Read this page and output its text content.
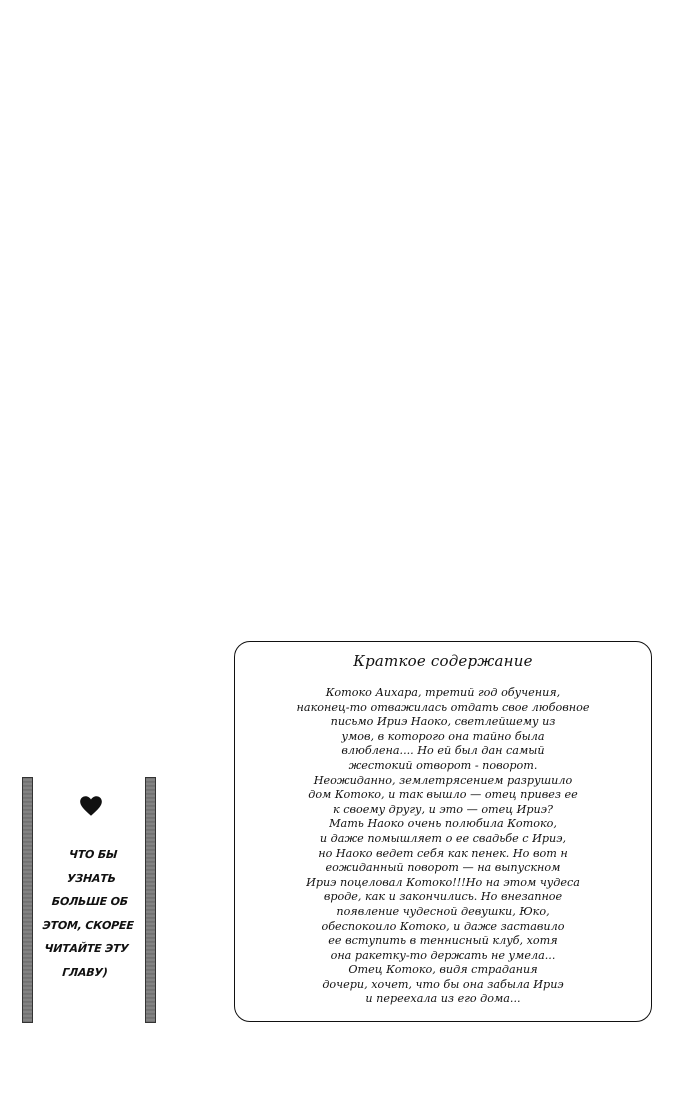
ЧТО БЫ
УЗНАТЬ
БОЛЬШЕ ОБ
ЭТОМ, СКОРЕЕ
ЧИТАЙТЕ ЭТУ
ГЛАВУ)
Краткое содержание
Котоко Аихара, третий год обучения,
наконец-то отважилась отдать свое любовное
письмо Ириэ Наоко, светлейшему из
умов, в которого она тайно была
влюблена.... Но ей был дан самый
жестокий отворот - поворот.
Неожиданно, землетрясением разрушило
дом Котоко, и так вышло — отец привез ее
к своему другу, и это — отец Ириэ?
Мать Наоко очень полюбила Котоко,
и даже помышляет о ее свадьбе с Ириэ,
но Наоко ведет себя как пенек. Но вот н
еожиданный поворот — на выпускном
Ириэ поцеловал Котоко!!!Но на этом чудеса
вроде, как и закончились. Но внезапное
появление чудесной девушки, Юко,
обеспокоило Котоко, и даже заставило
ее вступить в теннисный клуб, хотя
она ракетку-то держать не умела...
Отец Котоко, видя страдания
дочери, хочет, что бы она забыла Ириэ
и переехала из его дома...
